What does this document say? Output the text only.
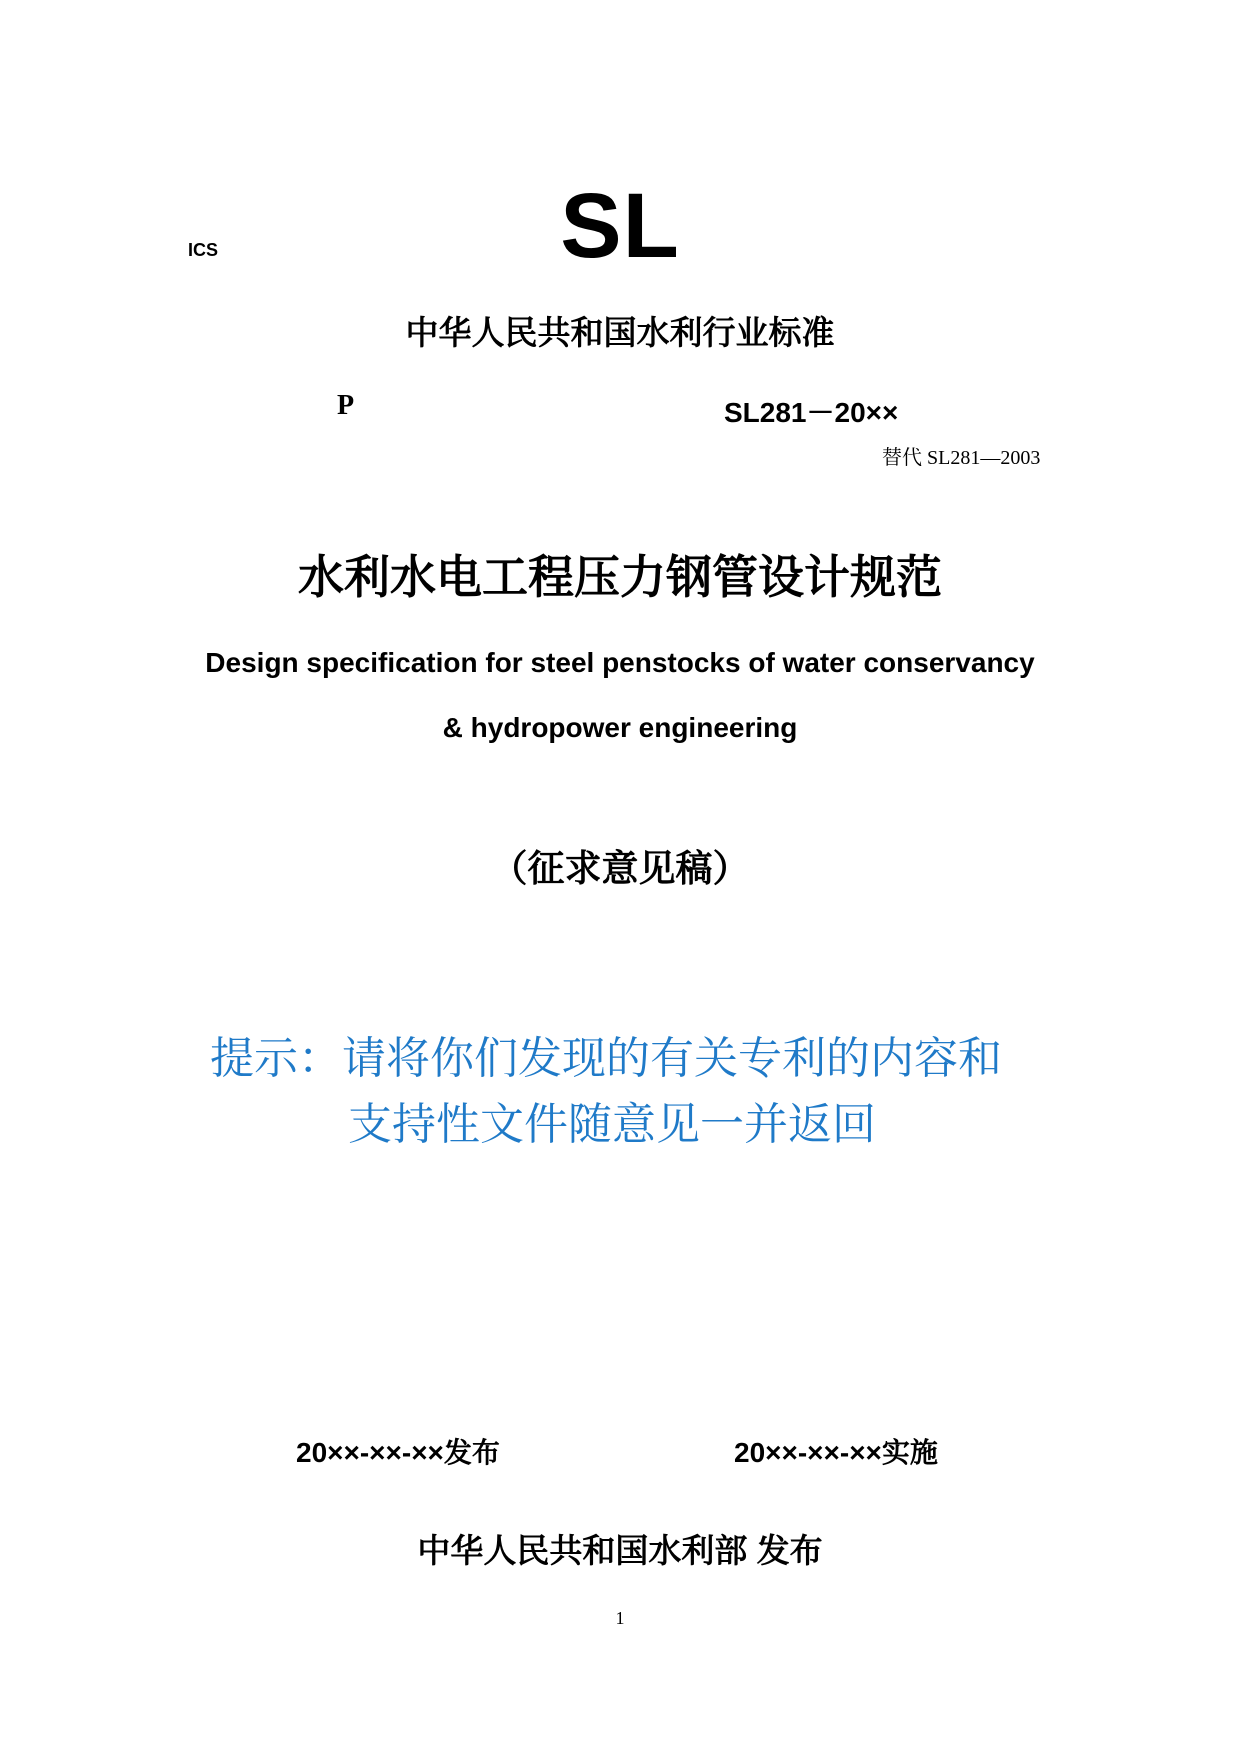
ICS	SL
中华人民共和国水利行业标准
P	SL281－20××
替代 SL281—2003
水利水电工程压力钢管设计规范
Design specification for steel penstocks of water conservancy
& hydropower engineering
（征求意见稿）
提示：请将你们发现的有关专利的内容和
支持性文件随意见一并返回
20××-××-××发布	20××-××-××实施
中华人民共和国水利部 发布
1
